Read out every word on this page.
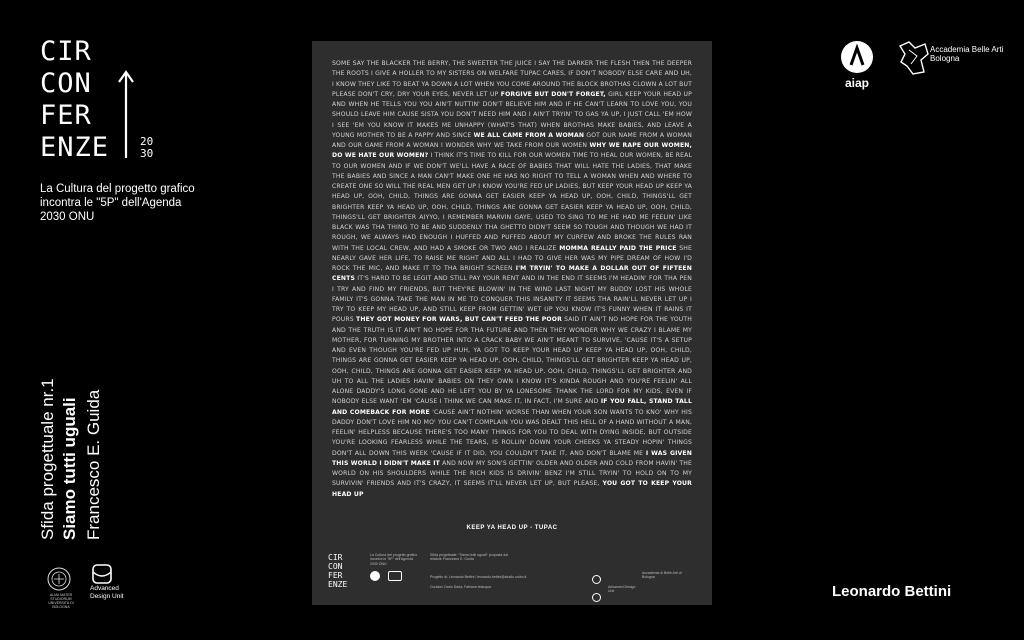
CIR
CON
FER
ENZE	20
30
La Cultura del progetto grafico incontra le "5P" dell'Agenda 2030 ONU
Sfida progettuale nr.1 Siamo tutti uguali Francesco E. Guida
ALMA MATER STUDIORUM UNIVERSITÀ DI BOLOGNA
Advanced Design Unit
aiap
Accademia Belle Arti Bologna
Leonardo Bettini
SOME SAY THE BLACKER THE BERRY, THE SWEETER THE JUICE I SAY THE DARKER THE FLESH THEN THE DEEPER THE ROOTS I GIVE A HOLLER TO MY SISTERS ON WELFARE TUPAC CARES, IF DON'T NOBODY ELSE CARE AND UH, I KNOW THEY LIKE TO BEAT YA DOWN A LOT WHEN YOU COME AROUND THE BLOCK BROTHAS CLOWN A LOT BUT PLEASE DON'T CRY, DRY YOUR EYES, NEVER LET UP FORGIVE BUT DON'T FORGET, GIRL KEEP YOUR HEAD UP AND WHEN HE TELLS YOU YOU AIN'T NUTTIN' DON'T BELIEVE HIM AND IF HE CAN'T LEARN TO LOVE YOU, YOU SHOULD LEAVE HIM CAUSE SISTA YOU DON'T NEED HIM AND I AIN'T TRYIN' TO GAS YA UP, I JUST CALL 'EM HOW I SEE 'EM YOU KNOW IT MAKES ME UNHAPPY (WHAT'S THAT) WHEN BROTHAS MAKE BABIES, AND LEAVE A YOUNG MOTHER TO BE A PAPPY AND SINCE WE ALL CAME FROM A WOMAN GOT OUR NAME FROM A WOMAN AND OUR GAME FROM A WOMAN I WONDER WHY WE TAKE FROM OUR WOMEN WHY WE RAPE OUR WOMEN, DO WE HATE OUR WOMEN? I THINK IT'S TIME TO KILL FOR OUR WOMEN TIME TO HEAL OUR WOMEN, BE REAL TO OUR WOMEN AND IF WE DON'T WE'LL HAVE A RACE OF BABIES THAT WILL HATE THE LADIES, THAT MAKE THE BABIES AND SINCE A MAN CAN'T MAKE ONE HE HAS NO RIGHT TO TELL A WOMAN WHEN AND WHERE TO CREATE ONE SO WILL THE REAL MEN GET UP I KNOW YOU'RE FED UP LADIES, BUT KEEP YOUR HEAD UP KEEP YA HEAD UP, OOH, CHILD, THINGS ARE GONNA GET EASIER KEEP YA HEAD UP, OOH, CHILD, THINGS'LL GET BRIGHTER KEEP YA HEAD UP, OOH, CHILD, THINGS ARE GONNA GET EASIER KEEP YA HEAD UP, OOH, CHILD, THINGS'LL GET BRIGHTER AIYYO, I REMEMBER MARVIN GAYE, USED TO SING TO ME HE HAD ME FEELIN' LIKE BLACK WAS THA THING TO BE AND SUDDENLY THA GHETTO DIDN'T SEEM SO TOUGH AND THOUGH WE HAD IT ROUGH, WE ALWAYS HAD ENOUGH I HUFFED AND PUFFED ABOUT MY CURFEW AND BROKE THE RULES RAN WITH THE LOCAL CREW, AND HAD A SMOKE OR TWO AND I REALIZE MOMMA REALLY PAID THE PRICE SHE NEARLY GAVE HER LIFE, TO RAISE ME RIGHT AND ALL I HAD TO GIVE HER WAS MY PIPE DREAM OF HOW I'D ROCK THE MIC, AND MAKE IT TO THA BRIGHT SCREEN I'M TRYIN' TO MAKE A DOLLAR OUT OF FIFTEEN CENTS IT'S HARD TO BE LEGIT AND STILL PAY YOUR RENT AND IN THE END IT SEEMS I'M HEADIN' FOR THA PEN I TRY AND FIND MY FRIENDS, BUT THEY'RE BLOWIN' IN THE WIND LAST NIGHT MY BUDDY LOST HIS WHOLE FAMILY IT'S GONNA TAKE THE MAN IN ME TO CONQUER THIS INSANITY IT SEEMS THA RAIN'LL NEVER LET UP I TRY TO KEEP MY HEAD UP, AND STILL KEEP FROM GETTIN' WET UP YOU KNOW IT'S FUNNY WHEN IT RAINS IT POURS THEY GOT MONEY FOR WARS, BUT CAN'T FEED THE POOR SAID IT AIN'T NO HOPE FOR THE YOUTH AND THE TRUTH IS IT AIN'T NO HOPE FOR THA FUTURE AND THEN THEY WONDER WHY WE CRAZY I BLAME MY MOTHER, FOR TURNING MY BROTHER INTO A CRACK BABY WE AIN'T MEANT TO SURVIVE, 'CAUSE IT'S A SETUP AND EVEN THOUGH YOU'RE FED UP HUH, YA GOT TO KEEP YOUR HEAD UP KEEP YA HEAD UP, OOH, CHILD, THINGS ARE GONNA GET EASIER KEEP YA HEAD UP, OOH, CHILD, THINGS'LL GET BRIGHTER KEEP YA HEAD UP, OOH, CHILD, THINGS ARE GONNA GET EASIER KEEP YA HEAD UP, OOH, CHILD, THINGS'LL GET BRIGHTER AND UH TO ALL THE LADIES HAVIN' BABIES ON THEY OWN I KNOW IT'S KINDA ROUGH AND YOU'RE FEELIN' ALL ALONE DADDY'S LONG GONE AND HE LEFT YOU BY YA LONESOME THANK THE LORD FOR MY KIDS, EVEN IF NOBODY ELSE WANT 'EM 'CAUSE I THINK WE CAN MAKE IT, IN FACT, I'M SURE AND IF YOU FALL, STAND TALL AND COMEBACK FOR MORE 'CAUSE AIN'T NOTHIN' WORSE THAN WHEN YOUR SON WANTS TO KNO' WHY HIS DADDY DON'T LOVE HIM NO MO' YOU CAN'T COMPLAIN YOU WAS DEALT THIS HELL OF A HAND WITHOUT A MAN, FEELIN' HELPLESS BECAUSE THERE'S TOO MANY THINGS FOR YOU TO DEAL WITH DYING INSIDE, BUT OUTSIDE YOU'RE LOOKING FEARLESS WHILE THE TEARS, IS ROLLIN' DOWN YOUR CHEEKS YA STEADY HOPIN' THINGS DON'T ALL DOWN THIS WEEK 'CAUSE IF IT DID, YOU COULDN'T TAKE IT, AND DON'T BLAME ME I WAS GIVEN THIS WORLD I DIDN'T MAKE IT AND NOW MY SON'S GETTIN' OLDER AND OLDER AND COLD FROM HAVIN' THE WORLD ON HIS SHOULDERS WHILE THE RICH KIDS IS DRIVIN' BENZ I'M STILL TRYIN' TO HOLD ON TO MY SURVIVIN' FRIENDS AND IT'S CRAZY, IT SEEMS IT'LL NEVER LET UP, BUT PLEASE, YOU GOT TO KEEP YOUR HEAD UP
KEEP YA HEAD UP - TUPAC
CIR
CON
FER
ENZE
La Cultura del progetto grafico incontra le "5P" dell'Agenda 2030 ONU
Sfida progettuale: "Siamo tutti uguali" proposta dal relatore Francesco E. Guida
Progetto di: Leonardo Bettini / leonardo.bettini@studio.unibo.it
Curatori: Dario Daria, Fabiana Ielacqua
	Advanced Design Unit
Accademia di Belle Arti di Bologna
